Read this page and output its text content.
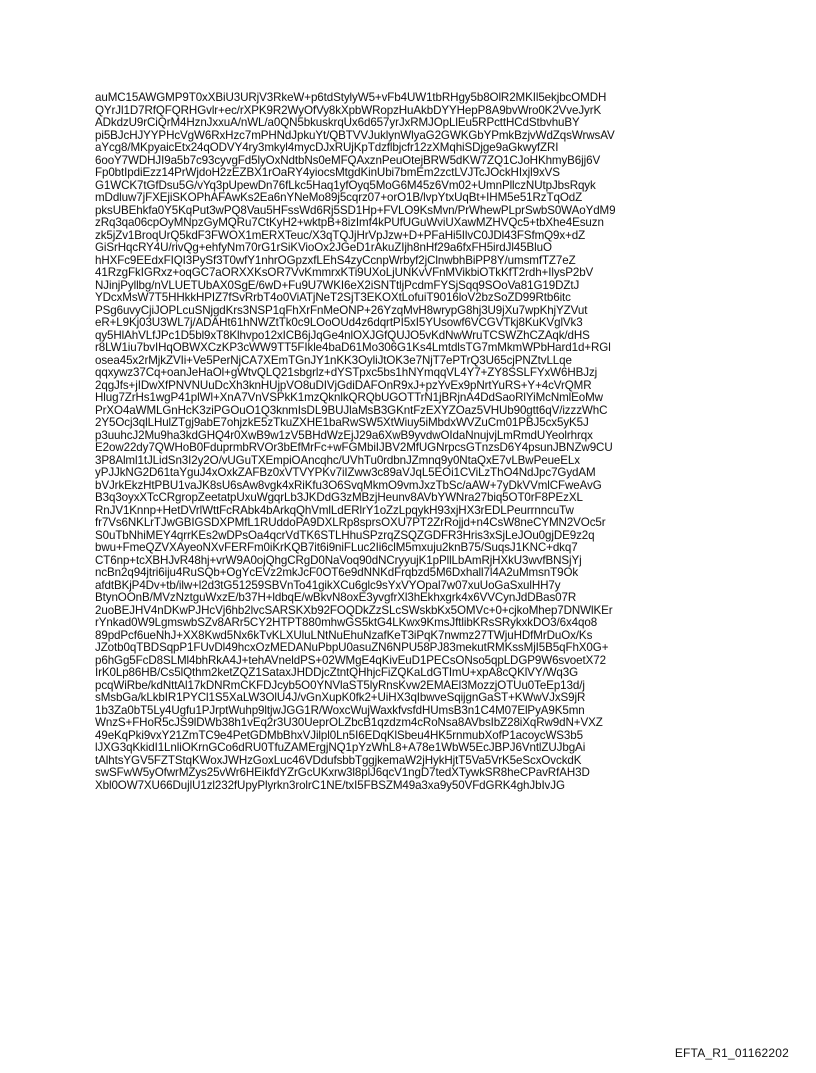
auMC15AWGMP9T0xXBiU3URjV3RkeW+p6tdStylyW5+vFb4UW1tbRHgy5b8OlR2MKIl5ekjbcOMDH
QYrJl1D7RfQFQRHGvlr+ec/rXPK9R2WyOfVy8kXpbWRopzHuAkbDYYHepP8A9bvWro0K2VveJyrK
ADkdzU9rCiQrM4HznJxxuA/nWL/a0QN5bkuskrqUx6d657yrJxRMJOpLlEu5RPcttHCdStbvhuBY
pi5BJcHJYYPHcVgW6RxHzc7mPHNdJpkuYt/QBTVVJuklynWlyaG2GWKGbYPmkBzjvWdZqsWrwsAV
aYcg8/MKpyaicEtx24qODVY4ry3mkyl4mycDJxRUjKpTdzflbjcfr12zXMqhiSDjge9aGkwyfZRI
6ooY7WDHJI9a5b7c93cyvgFd5lyOxNdtbNs0eMFQAxznPeuOtejBRW5dKW7ZQ1CJoHKhmyB6jj6V
Fp0btIpdiEzz14PrWjdoH2zEZBX1rOaRY4yiocsMtgdKinUbi7bmEm2zctLVJTcJOckHIxjl9xVS
G1WCK7tGfDsu5G/vYq3pUpewDn76fLkc5Haq1yfOyq5MoG6M45z6Vm02+UmnPllczNUtpJbsRqyk
mDdluw7jFXEjiSKOPhAFAwKs2Ea6nYNeMo89j5cqrz07+orO1B/lvpYtxUqBt+IHM5e51RzTqOdZ
pksUBEhkfa0Y5KqPut3wPQ8Vau5HFssWd6Rj5SD1Hp+FVLO9KsMvn/PrWhewPLprSwbS0WAoYdM9
zRq3qa06cpOyMNpzGyMQRu7CtKyH2+wktpB+8izImf4kPUfUGuWviUXawMZHVQc5+tbXhe4Esuzn
zk5jZv1BroqUrQ5kdF3FWOX1mERXTeuc/X3qTQJjHrVpJzw+D+PFaHi5IlvC0JDl43FSfmQ9x+dZ
GiSrHqcRY4U/rivQg+ehfyNm70rG1rSiKVioOx2JGeD1rAkuZIjh8nHf29a6fxFH5irdJl45BluO
hHXFc9EEdxFIQI3PySf3T0wfY1nhrOGpzxfLEhS4zyCcnpWrbyf2jClnwbhBiPP8Y/umsmfTZ7eZ
41RzgFkIGRxz+oqGC7aORXXKsOR7VvKmmrxKTi9UXoLjUNKvVFnMVikbiOTkKfT2rdh+IlysP2bV
NJinjPyllbg/nVLUETUbAX0SgE/6wD+Fu9U7WKI6eX2iSNTtljPcdmFYSjSqq9SOoVa81G19DZtJ
YDcxMsW7T5HHkkHPIZ7fSvRrbT4o0ViATjNeT2SjT3EKOXtLofuiT9016loV2bzSoZD99Rtb6itc
PSg6uvyCjiJOPLcuSNjgdKrs3NSP1qFhXrFnMeONP+26YzqMvH8wrypG8hj3U9jXu7wpKhjYZVut
eR+L9Kj03U3WL7j/ADAHt61hNWZtTk0c9LOoOUd4z6dqrtPI5xI5YUsowf6VCGVTkj8KuKVglVk3
qy5HlAhVLfJPc1D5bl9xT8Klhvpo12xICB6jJqGe4nlOXJGfQUJO5vKdNwWruTCSWZhCZAqk/dHS
r8LW1iu7bvIHqOBWXCzKP3cWW9TT5FIkle4baD61Mo306G1Ks4LmtdlsTG7mMkmWPbHard1d+RGl
osea45x2rMjkZVIi+Ve5PerNjCA7XEmTGnJY1nKK3OyliJtOK3e7NjT7ePTrQ3U65cjPNZtvLLqe
qqxywz37Cq+oanJeHaOl+gWtvQLQ21sbgrlz+dYSTpxc5bs1hNYmqqVL4Y7+ZY8SSLFYxW6HBJzj
2qgJfs+jIDwXfPNVNUuDcXh3knHUjpVO8uDIVjGdiDAFOnR9xJ+pzYvEx9pNrtYuRS+Y+4cVrQMR
Hlug7ZrHs1wgP41plWl+XnA7VnVSPkK1mzQknlkQRQbUGOTTrN1jBRjnA4DdSaoRlYiMcNmlEoMw
PrXO4aWMLGnHcK3ziPGOuO1Q3knmIsDL9BUJlaMsB3GKntFzEXYZOaz5VHUb90gtt6qV/izzzWhC
2Y5Ocj3qlLHulZTgj9abE7ohjzkE5zTkuZXHE1baRwSW5XtWiuy5iMbdxWVZuCm01PBJ5cx5yK5J
p3uuhcJ2Mu9ha3kdGHQ4r0XwB9w1zV5BHdWzEjJ29a6XwB9yvdwOIdaNnujvjLmRmdUYeolrhrqx
E2ow22dy7QWHoB0FduprmbRVOr3bEfMrFc+wFGMbiIJBV2MfUGNrpcsGTnzsD6Y4psunJBNZw9CU
3P8Alml1tJLidSn3I2y2O/vUGuTXEmpiOAncqhc/UVhTu0rdbnJZmnq9y0NtaQxE7vLBwPeueELx
yPJJkNG2D61taYguJ4xOxkZAFBz0xVTVYPKv7iIZww3c89aVJqL5EOi1CViLzThO4NdJpc7GydAM
bVJrkEkzHtPBU1vaJK8sU6sAw8vgk4xRiKfu3O6SvqMkmO9vmJxzTbSc/aAW+7yDkVVmlCFweAvG
B3q3oyxXTcCRgropZeetatpUxuWgqrLb3JKDdG3zMBzjHeunv8AVbYWNra27biq5OT0rF8PEzXL
RnJV1Knnp+HetDVrlWttFcRAbk4bArkqQhVmlLdERlrY1oZzLpqykH93xjHX3rEDLPeurrnncuTw
fr7Vs6NKLrTJwGBIGSDXPMfL1RUddoPA9DXLRp8sprsOXU7PT2ZrRojjd+n4CsW8neCYMN2VOc5r
S0uTbNhiMEY4qrrKEs2wDPsOa4qcrVdTK6STLHhuSPzrqZSQZGDFR3Hris3xSjLeJOu0gjDE9z2q
bwu+FmeQZVXAyeoNXvFERFm0iKrKQB7it6i9niFLuc2Ii6clM5mxuju2knB75/SuqsJ1KNC+dkq7
CT6np+tcXBHJvR48hj+vrW9A0ojQhgCRgD0NaVoq90dNCryyujK1pPllLbAmRjHXkU3wvfBNSjYj
ncBn2q94jtri6iju4RuSQb+OgYcEVz2mkJcF0OT6e9dNNKdFrqbzd5M6Dxhall7l4A2uMmsnT9Ok
afdtBKjP4Dv+tb/ilw+l2d3tG51259SBVnTo41gikXCu6glc9sYxVYOpal7w07xuUoGaSxulHH7y
BtynOOnB/MVzNztguWxzE/b37H+ldbqE/wBkvN8oxE3yvgfrXl3hEkhxgrk4x6VVCynJdDBas07R
2uoBEJHV4nDKwPJHcVj6hb2lvcSARSKXb92FOQDkZzSLcSWskbKx5OMVc+0+cjkoMhep7DNWlKEr
rYnkad0W9LgmswbSZv8ARr5CY2HTPT880mhwGS5ktG4LKwx9KmsJftlibKRsSRykxkDO3/6x4qo8
89pdPcf6ueNhJ+XX8Kwd5Nx6kTvKLXUluLNtNuEhuNzafKeT3iPqK7nwmz27TWjuHDfMrDuOx/Ks
JZotb0qTBDSqpP1FUvDl49hcxOzMEDANuPbpU0asuZN6NPU58PJ83mekutRMKssMjI5B5qFhX0G+
p6hGg5FcD8SLMl4bhRkA4J+tehAVneldPS+02WMgE4qKivEuD1PECsONso5qpLDGP9W6svoetX72
IrK0Lp86HB/Cs5lQthm2ketZQZ1SataxJHDDjcZtntQHhjcFiZQKaLdGTImU+xpA8cQKlVY/Wq3G
pcqWiRbe/kdNttAl17kDNRmCKFDJcyb5O0YNVlaST5lyRnsKvw2EMAEl3MozzjOTUu0TeEp13d/j
sMsbGa/kLkbIR1PYCl1S5XaLW3OlU4J/vGnXupK0fk2+UiHX3qIbwveSqijgnGaST+KWwVJxS9jR
1b3Za0bT5Ly4Ugfu1PJrptWuhp9ltjwJGG1R/WoxcWujWaxkfvsfdHUmsB3n1C4M07ElPyA9K5mn
WnzS+FHoR5cJS9lDWb38h1vEq2r3U30UeprOLZbcB1qzdzm4cRoNsa8AVbsIbZ28iXqRw9dN+VXZ
49eKqPki9vxY21ZmTC9e4PetGDMbBhxVJilpl0Ln5I6EDqKlSbeu4HK5rnmubXofP1acoycWS3b5
lJXG3qKkidI1LnliOKrnGCo6dRU0TfuZAMErgjNQ1pYzWhL8+A78e1WbW5EcJBPJ6VntlZUJbgAi
tAlhtsYGV5FZTStqKWoxJWHzGoxLuc46VDdufsbbTggjkemaW2jHykHjtT5Va5VrK5eScxOvckdK
swSFwW5yOfwrMZys25vWr6HEikfdYZrGcUKxrw3l8plJ6qcV1ngD7tedXTywkSR8heCPavRfAH3D
Xbl0OW7XU66DujlU1zl232fUpyPlyrkn3rolrC1NE/txI5FBSZM49a3xa9y50VFdGRK4ghJbIvJG
EFTA_R1_01162202
